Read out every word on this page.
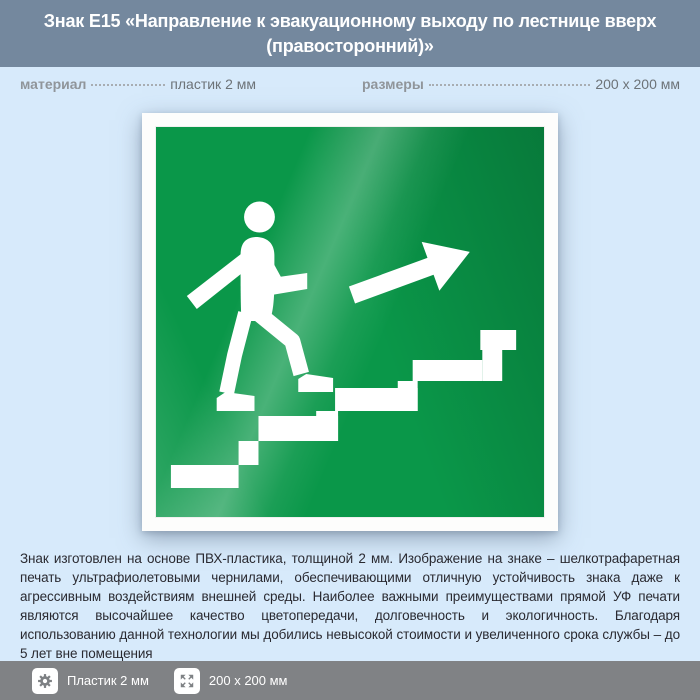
Знак Е15 «Направление к эвакуационному выходу по лестнице вверх (правосторонний)»
материал	пластик 2 мм	размеры	200 x 200 мм

Знак изготовлен на основе ПВХ-пластика, толщиной 2 мм. Изображение на знаке – шелкотрафаретная печать ультрафиолетовыми чернилами, обеспечивающими отличную устойчивость знака даже к агрессивным воздействиям внешней среды. Наиболее важными преимуществами прямой УФ печати являются высочайшее качество цветопередачи, долговечность и экологичность. Благодаря использованию данной технологии мы добились невысокой стоимости и увеличенного срока службы – до 5 лет вне помещения

Пластик 2 мм	200 x 200 мм
